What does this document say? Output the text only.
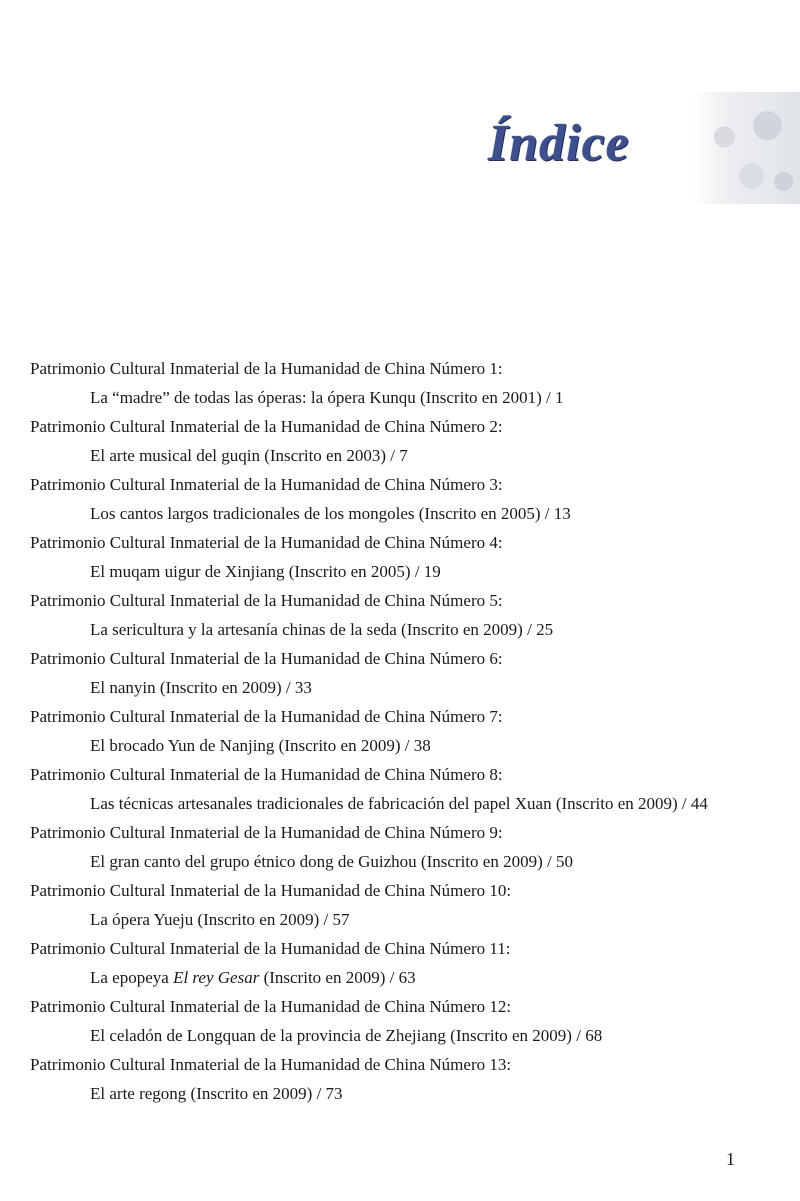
Índice
Patrimonio Cultural Inmaterial de la Humanidad de China Número 1:
La “madre” de todas las óperas: la ópera Kunqu (Inscrito en 2001) / 1
Patrimonio Cultural Inmaterial de la Humanidad de China Número 2:
El arte musical del guqin (Inscrito en 2003) / 7
Patrimonio Cultural Inmaterial de la Humanidad de China Número 3:
Los cantos largos tradicionales de los mongoles (Inscrito en 2005) / 13
Patrimonio Cultural Inmaterial de la Humanidad de China Número 4:
El muqam uigur de Xinjiang (Inscrito en 2005) / 19
Patrimonio Cultural Inmaterial de la Humanidad de China Número 5:
La sericultura y la artesanía chinas de la seda (Inscrito en 2009) / 25
Patrimonio Cultural Inmaterial de la Humanidad de China Número 6:
El nanyin (Inscrito en 2009) / 33
Patrimonio Cultural Inmaterial de la Humanidad de China Número 7:
El brocado Yun de Nanjing (Inscrito en 2009) / 38
Patrimonio Cultural Inmaterial de la Humanidad de China Número 8:
Las técnicas artesanales tradicionales de fabricación del papel Xuan (Inscrito en 2009) / 44
Patrimonio Cultural Inmaterial de la Humanidad de China Número 9:
El gran canto del grupo étnico dong de Guizhou (Inscrito en 2009) / 50
Patrimonio Cultural Inmaterial de la Humanidad de China Número 10:
La ópera Yueju (Inscrito en 2009) / 57
Patrimonio Cultural Inmaterial de la Humanidad de China Número 11:
La epopeya El rey Gesar (Inscrito en 2009) / 63
Patrimonio Cultural Inmaterial de la Humanidad de China Número 12:
El celadón de Longquan de la provincia de Zhejiang (Inscrito en 2009) / 68
Patrimonio Cultural Inmaterial de la Humanidad de China Número 13:
El arte regong (Inscrito en 2009) / 73
1
